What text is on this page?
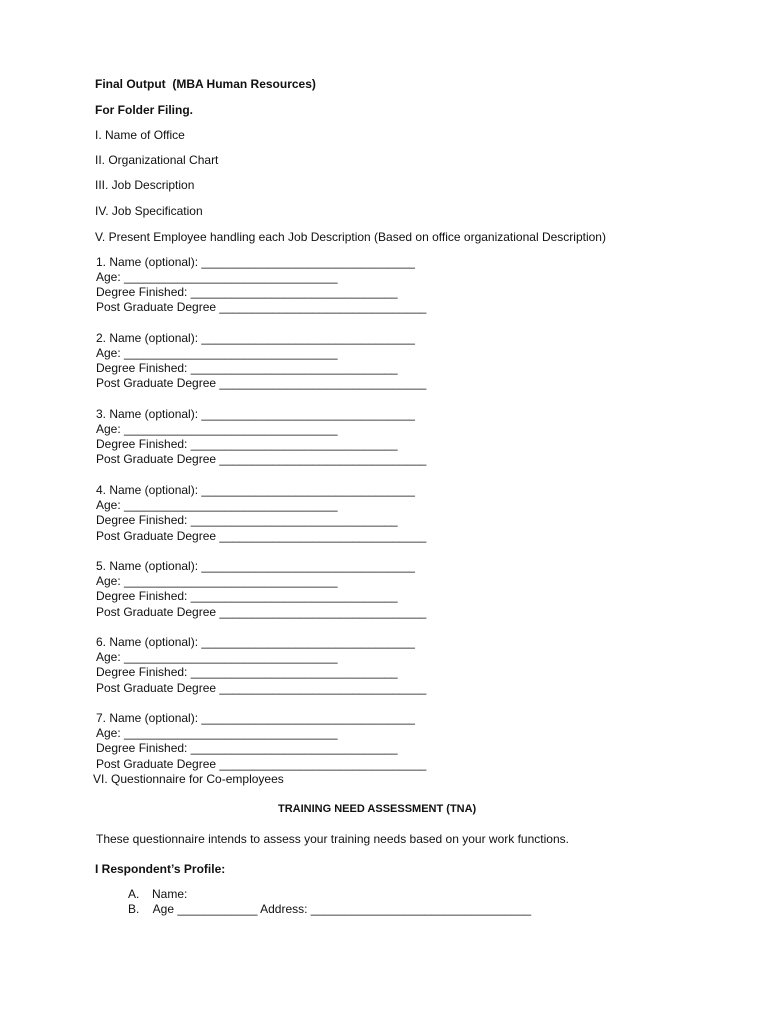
Final Output  (MBA Human Resources)
For Folder Filing.
I. Name of Office
II. Organizational Chart
III. Job Description
IV. Job Specification
V. Present Employee handling each Job Description (Based on office organizational Description)
1. Name (optional): ________________________________
Age: ________________________________
Degree Finished: _______________________________
Post Graduate Degree _______________________________
2. Name (optional): ________________________________
Age: ________________________________
Degree Finished: _______________________________
Post Graduate Degree _______________________________
3. Name (optional): ________________________________
Age: ________________________________
Degree Finished: _______________________________
Post Graduate Degree _______________________________
4. Name (optional): ________________________________
Age: ________________________________
Degree Finished: _______________________________
Post Graduate Degree _______________________________
5. Name (optional): ________________________________
Age: ________________________________
Degree Finished: _______________________________
Post Graduate Degree _______________________________
6. Name (optional): ________________________________
Age: ________________________________
Degree Finished: _______________________________
Post Graduate Degree _______________________________
7. Name (optional): ________________________________
Age: ________________________________
Degree Finished: _______________________________
Post Graduate Degree _______________________________
VI. Questionnaire for Co-employees
TRAINING NEED ASSESSMENT (TNA)
These questionnaire intends to assess your training needs based on your work functions.
I Respondent’s Profile:
A. Name:
B. Age ____________ Address: _________________________________
